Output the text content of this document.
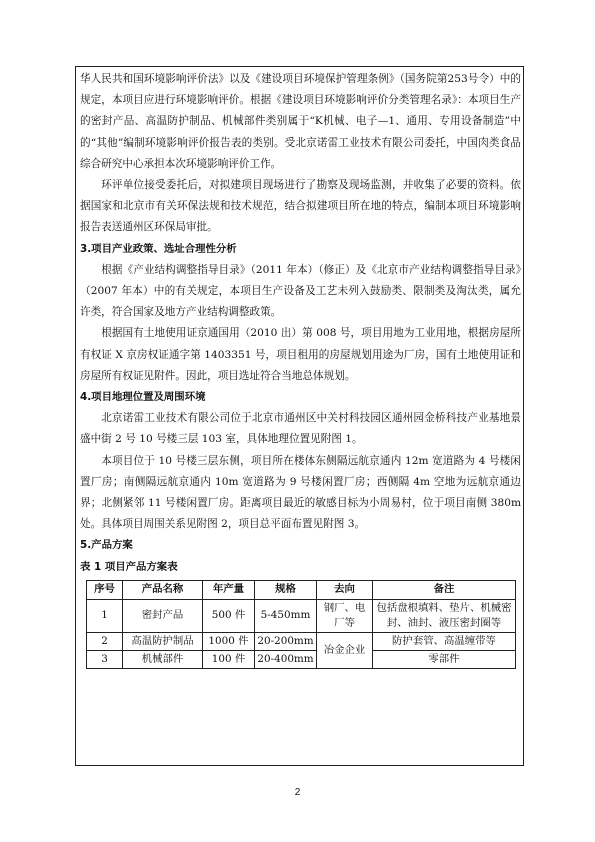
华人民共和国环境影响评价法》以及《建设项目环境保护管理条例》（国务院第253号令）中的规定，本项目应进行环境影响评价。根据《建设项目环境影响评价分类管理名录》：本项目生产的密封产品、高温防护制品、机械部件类别属于“K机械、电子—1、通用、专用设备制造”中的“其他”编制环境影响评价报告表的类别。受北京诺雷工业技术有限公司委托，中国肉类食品综合研究中心承担本次环境影响评价工作。

环评单位接受委托后，对拟建项目现场进行了勘察及现场监测，并收集了必要的资料。依据国家和北京市有关环保法规和技术规范，结合拟建项目所在地的特点，编制本项目环境影响报告表送通州区环保局审批。

3.项目产业政策、选址合理性分析

根据《产业结构调整指导目录》（2011 年本）（修正）及《北京市产业结构调整指导目录》（2007 年本）中的有关规定，本项目生产设备及工艺未列入鼓励类、限制类及淘汰类，属允许类，符合国家及地方产业结构调整政策。

根据国有土地使用证京通国用（2010 出）第 008 号，项目用地为工业用地，根据房屋所有权证 X 京房权证通字第 1403351 号，项目租用的房屋规划用途为厂房，国有土地使用证和房屋所有权证见附件。因此，项目选址符合当地总体规划。

4.项目地理位置及周围环境

北京诺雷工业技术有限公司位于北京市通州区中关村科技园区通州园金桥科技产业基地景盛中街 2 号 10 号楼三层 103 室，具体地理位置见附图 1。

本项目位于 10 号楼三层东侧，项目所在楼体东侧隔远航京通内 12m 宽道路为 4 号楼闲置厂房；南侧隔远航京通内 10m 宽道路为 9 号楼闲置厂房；西侧隔 4m 空地为远航京通边界；北侧紧邻 11 号楼闲置厂房。距离项目最近的敏感目标为小周易村，位于项目南侧 380m 处。具体项目周围关系见附图 2，项目总平面布置见附图 3。

5.产品方案

表 1 项目产品方案表

序号	产品名称	年产量	规格	去向	备注
1	密封产品	500 件	5-450mm	钢厂、电厂等	包括盘根填料、垫片、机械密封、油封、液压密封圈等
2	高温防护制品	1000 件	20-200mm	冶金企业	防护套管、高温缠带等
3	机械部件	100 件	20-400mm		零部件
2
